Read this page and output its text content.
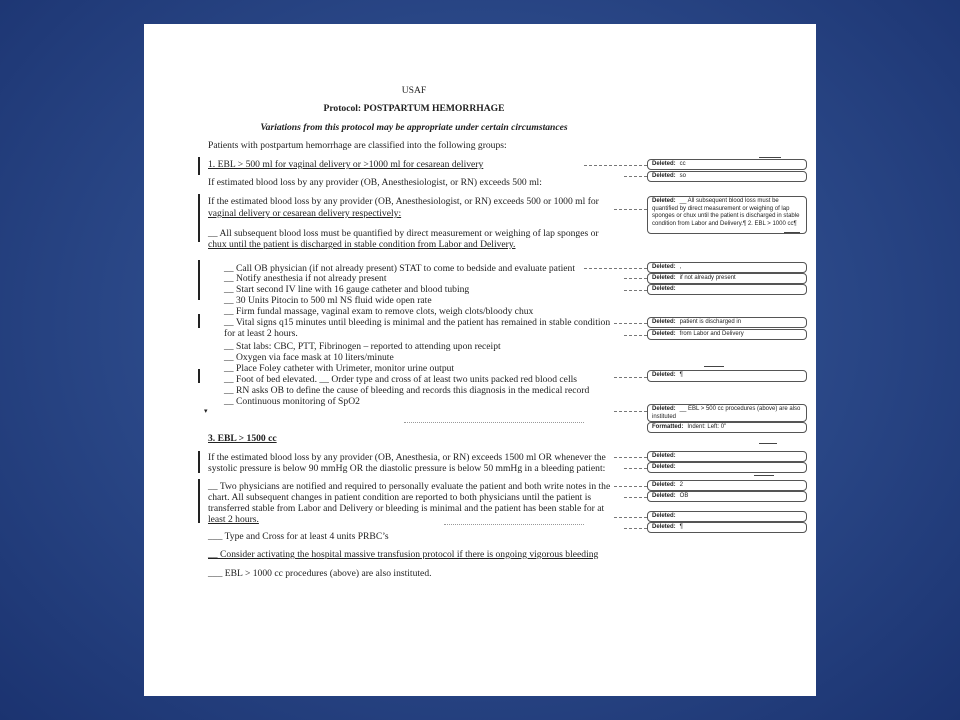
USAF
Protocol: POSTPARTUM HEMORRHAGE
Variations from this protocol may be appropriate under certain circumstances
Patients with postpartum hemorrhage are classified into the following groups:
1. EBL > 500 ml for vaginal delivery or >1000 ml for cesarean delivery
If estimated blood loss by any provider (OB, Anesthesiologist, or RN) exceeds 500 ml:
If the estimated blood loss by any provider (OB, Anesthesiologist, or RN) exceeds 500 or 1000 ml for
vaginal delivery or cesarean delivery respectively:
__ All subsequent blood loss must be quantified by direct measurement or weighing of lap sponges or
chux until the patient is discharged in stable condition from Labor and Delivery.
__ Call OB physician (if not already present) STAT to come to bedside and evaluate patient
__ Notify anesthesia if not already present
__ Start second IV line with 16 gauge catheter and blood tubing
__ 30 Units Pitocin to 500 ml NS fluid wide open rate
__ Firm fundal massage, vaginal exam to remove clots, weigh clots/bloody chux
__ Vital signs q15 minutes until bleeding is minimal and the patient has remained in stable condition
for at least 2 hours.
__ Stat labs: CBC, PTT, Fibrinogen – reported to attending upon receipt
__ Oxygen via face mask at 10 liters/minute
__ Place Foley catheter with Urimeter, monitor urine output
__ Foot of bed elevated. __ Order type and cross of at least two units packed red blood cells
__ RN asks OB to define the cause of bleeding and records this diagnosis in the medical record
__ Continuous monitoring of SpO2
▾
3. EBL > 1500 cc
If the estimated blood loss by any provider (OB, Anesthesia, or RN) exceeds 1500 ml OR whenever the
systolic pressure is below 90 mmHg OR the diastolic pressure is below 50 mmHg in a bleeding patient:
__ Two physicians are notified and required to personally evaluate the patient and both write notes in the
chart. All subsequent changes in patient condition are reported to both physicians until the patient is
transferred stable from Labor and Delivery or bleeding is minimal and the patient has been stable for at
least 2 hours.
___ Type and Cross for at least 4 units PRBC’s
__ Consider activating the hospital massive transfusion protocol if there is ongoing vigorous bleeding
___ EBL > 1000 cc procedures (above) are also instituted.
Deleted: cc
Deleted: so
Deleted: __ All subsequent blood loss must be quantified by direct measurement or weighing of lap sponges or chux until the patient is discharged in stable condition from Labor and Delivery.¶ 2. EBL > 1000 cc¶
Deleted: ,
Deleted: if not already present
Deleted:
Deleted: patient is discharged in
Deleted: from Labor and Delivery
Deleted: ¶
Deleted: __ EBL > 500 cc procedures (above) are also instituted
Formatted: Indent: Left: 0"
Deleted:
Deleted:
Deleted: 2
Deleted: OB
Deleted:
Deleted: ¶
